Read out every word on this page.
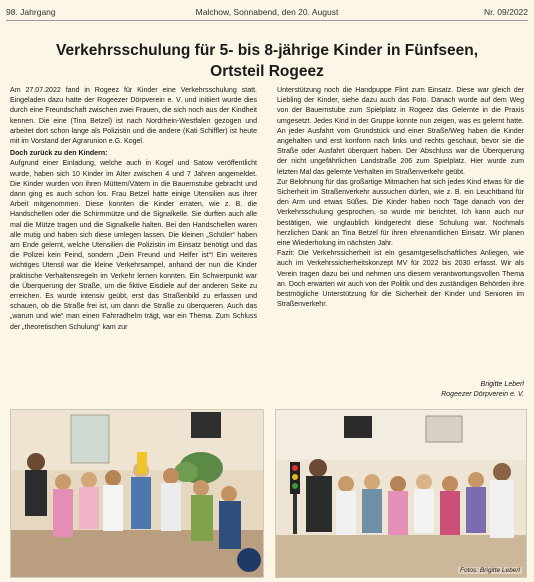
98. Jahrgang	Malchow, Sonnabend, den 20. August	Nr. 09/2022
Verkehrsschulung für 5- bis 8-jährige Kinder in Fünfseen,
Ortsteil Rogeez

Am 27.07.2022 fand in Rogeez für Kinder eine Verkehrsschulung statt. Eingeladen dazu hatte der Rogeezer Dörpverein e. V. und initiiert wurde dies durch eine Freundschaft zwischen zwei Frauen, die sich noch aus der Kindheit kennen. Die eine (Tina Betzel) ist nach Nordrhein-Westfalen gezogen und arbeitet dort schon lange als Polizistin und die andere (Kati Schiffler) ist heute mit im Vorstand der Agrarunion e.G. Kogel.

Doch zurück zu den Kindern:

Aufgrund einer Einladung, welche auch in Kogel und Satow veröffentlicht wurde, haben sich 10 Kinder im Alter zwischen 4 und 7 Jahren angemeldet. Die Kinder wurden von ihren Müttern/Vätern in die Bauernstube gebracht und dann ging es auch schon los. Frau Betzel hatte einige Utensilien aus ihrer Arbeit mitgenommen. Diese konnten die Kinder erraten, wie z. B. die Handschellen oder die Schirmmütze und die Signalkelle. Sie durften auch alle mal die Mütze tragen und die Signalkelle halten. Bei den Handschellen waren alle mutig und haben sich diese umlegen lassen. Die kleinen „Schüler“ haben am Ende gelernt, welche Utensilien die Polizistin im Einsatz benötigt und das die Polizei kein Feind, sondern „Dein Freund und Helfer ist“! Ein weiteres wichtiges Utensil war die kleine Verkehrsampel, anhand der nun die Kinder praktische Verhaltensregeln im Verkehr lernen konnten. Ein Schwerpunkt war die Überquerung der Straße, um die fiktive Eisdiele auf der anderen Seite zu erreichen. Es wurde intensiv geübt, erst das Straßenbild zu erfassen und schauen, ob die Straße frei ist, um dann die Straße zu überqueren. Auch das „warum und wie“ man einen Fahrradhelm trägt, war ein Thema. Zum Schluss der „theoretischen Schulung“ kam zur

Unterstützung noch die Handpuppe Flint zum Einsatz. Diese war gleich der Liebling der Kinder, siehe dazu auch das Foto. Danach wurde auf dem Weg von der Bauernstube zum Spielplatz in Rogeez das Gelernte in die Praxis umgesetzt. Jedes Kind in der Gruppe konnte nun zeigen, was es gelernt hatte. An jeder Ausfahrt vom Grundstück und einer Straße/Weg haben die Kinder angehalten und erst konform nach links und rechts geschaut, bevor sie die Straße oder Ausfahrt überquert haben. Der Abschluss war die Überquerung der nicht ungefährlichen Landstraße 206 zum Spielplatz. Hier wurde zum letzten Mal das gelernte Verhalten im Straßenverkehr geübt.

Zur Belohnung für das großartige Mitmachen hat sich jedes Kind etwas für die Sicherheit im Straßenverkehr aussuchen dürfen, wie z. B. ein Leuchtband für den Arm und etwas Süßes. Die Kinder haben noch Tage danach von der Verkehrsschulung gesprochen, so wurde mir berichtet. Ich kann auch nur bestätigen, wie unglaublich kindgerecht diese Schulung war. Nochmals herzlichen Dank an Tina Betzel für ihren ehrenamtlichen Einsatz. Wir planen eine Wiederholung im nächsten Jahr.

Fazit: Die Verkehrssicherheit ist ein gesamtgesellschaftliches Anliegen, wie auch im Verkehrssicherheitskonzept MV für 2022 bis 2030 erfasst. Wir als Verein tragen dazu bei und nehmen uns diesem verantwortungsvollen Thema an. Doch erwarten wir auch von der Politik und den zuständigen Behörden ihre bestmögliche Unterstützung für die Sicherheit der Kinder und Senioren im Straßenverkehr.

Brigitte Leberl
Rogeezer Dörpverein e. V.
Fotos: Brigitte Leberl
